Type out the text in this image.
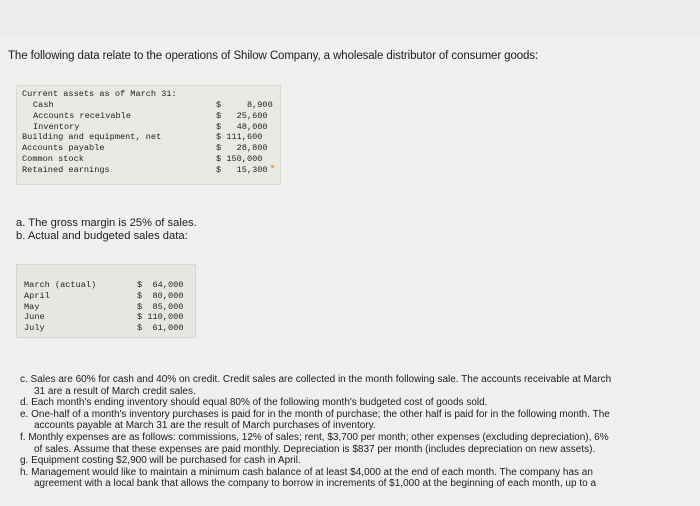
The following data relate to the operations of Shilow Company, a wholesale distributor of consumer goods:
Current assets as of March 31:
Cash
Accounts receivable
Inventory
Building and equipment, net
Accounts payable
Common stock
Retained earnings
$     8,900
$   25,600
$   48,000
$ 111,600
$   28,800
$ 150,000
$   15,300
a. The gross margin is 25% of sales.
b. Actual and budgeted sales data:
March (actual)
April
May
June
July
$  64,000
$  80,000
$  85,000
$ 110,000
$  61,000
c. Sales are 60% for cash and 40% on credit. Credit sales are collected in the month following sale. The accounts receivable at March
31 are a result of March credit sales.
d. Each month's ending inventory should equal 80% of the following month's budgeted cost of goods sold.
e. One-half of a month's inventory purchases is paid for in the month of purchase; the other half is paid for in the following month. The
accounts payable at March 31 are the result of March purchases of inventory.
f. Monthly expenses are as follows: commissions, 12% of sales; rent, $3,700 per month; other expenses (excluding depreciation), 6%
of sales. Assume that these expenses are paid monthly. Depreciation is $837 per month (includes depreciation on new assets).
g. Equipment costing $2,900 will be purchased for cash in April.
h. Management would like to maintain a minimum cash balance of at least $4,000 at the end of each month. The company has an
agreement with a local bank that allows the company to borrow in increments of $1,000 at the beginning of each month, up to a
